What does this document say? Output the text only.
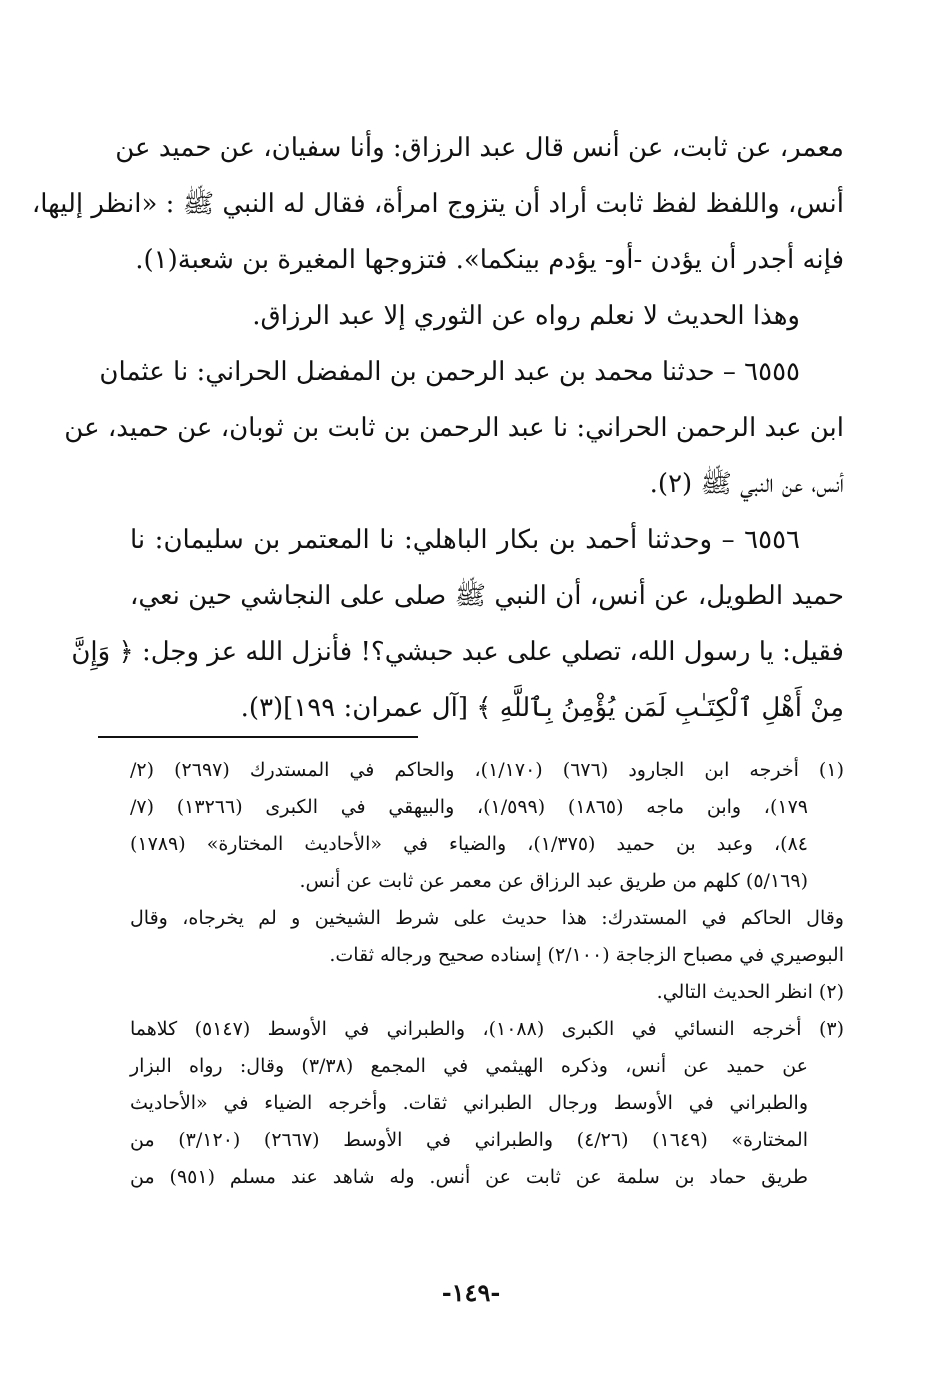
معمر، عن ثابت، عن أنس قال عبد الرزاق: وأنا سفيان، عن حميد عن
أنس، واللفظ لفظ ثابت أراد أن يتزوج امرأة، فقال له النبي ﷺ : «انظر إليها،
فإنه أجدر أن يؤدن -أو- يؤدم بينكما». فتزوجها المغيرة بن شعبة(١).
وهذا الحديث لا نعلم رواه عن الثوري إلا عبد الرزاق.
٦٥٥٥ – حدثنا محمد بن عبد الرحمن بن المفضل الحراني: نا عثمان
ابن عبد الرحمن الحراني: نا عبد الرحمن بن ثابت بن ثوبان، عن حميد، عن
أنس، عن النبي ﷺ (٢).
٦٥٥٦ – وحدثنا أحمد بن بكار الباهلي: نا المعتمر بن سليمان: نا
حميد الطويل، عن أنس، أن النبي ﷺ صلى على النجاشي حين نعي،
فقيل: يا رسول الله، تصلي على عبد حبشي؟! فأنزل الله عز وجل: ﴿ وَإِنَّ
مِنْ أَهْلِ ٱلْكِتَـٰبِ لَمَن يُؤْمِنُ بِٱللَّهِ ﴾ [آل عمران: ١٩٩](٣).
(١) أخرجه ابن الجارود (٦٧٦) (١/١٧٠)، والحاكم في المستدرك (٢٦٩٧) (٢/
١٧٩)، وابن ماجه (١٨٦٥) (١/٥٩٩)، والبيهقي في الكبرى (١٣٢٦٦) (٧/
٨٤)، وعبد بن حميد (١/٣٧٥)، والضياء في «الأحاديث المختارة» (١٧٨٩)
(٥/١٦٩) كلهم من طريق عبد الرزاق عن معمر عن ثابت عن أنس.
وقال الحاكم في المستدرك: هذا حديث على شرط الشيخين و لم يخرجاه، وقال
البوصيري في مصباح الزجاجة (٢/١٠٠) إسناده صحيح ورجاله ثقات.
(٢) انظر الحديث التالي.
(٣) أخرجه النسائي في الكبرى (١٠٨٨)، والطبراني في الأوسط (٥١٤٧) كلاهما
عن حميد عن أنس، وذكره الهيثمي في المجمع (٣/٣٨) وقال: رواه البزار
والطبراني في الأوسط ورجال الطبراني ثقات. وأخرجه الضياء في «الأحاديث
المختارة» (١٦٤٩) (٤/٢٦) والطبراني في الأوسط (٢٦٦٧) (٣/١٢٠) من
طريق حماد بن سلمة عن ثابت عن أنس. وله شاهد عند مسلم (٩٥١) من
-١٤٩-
